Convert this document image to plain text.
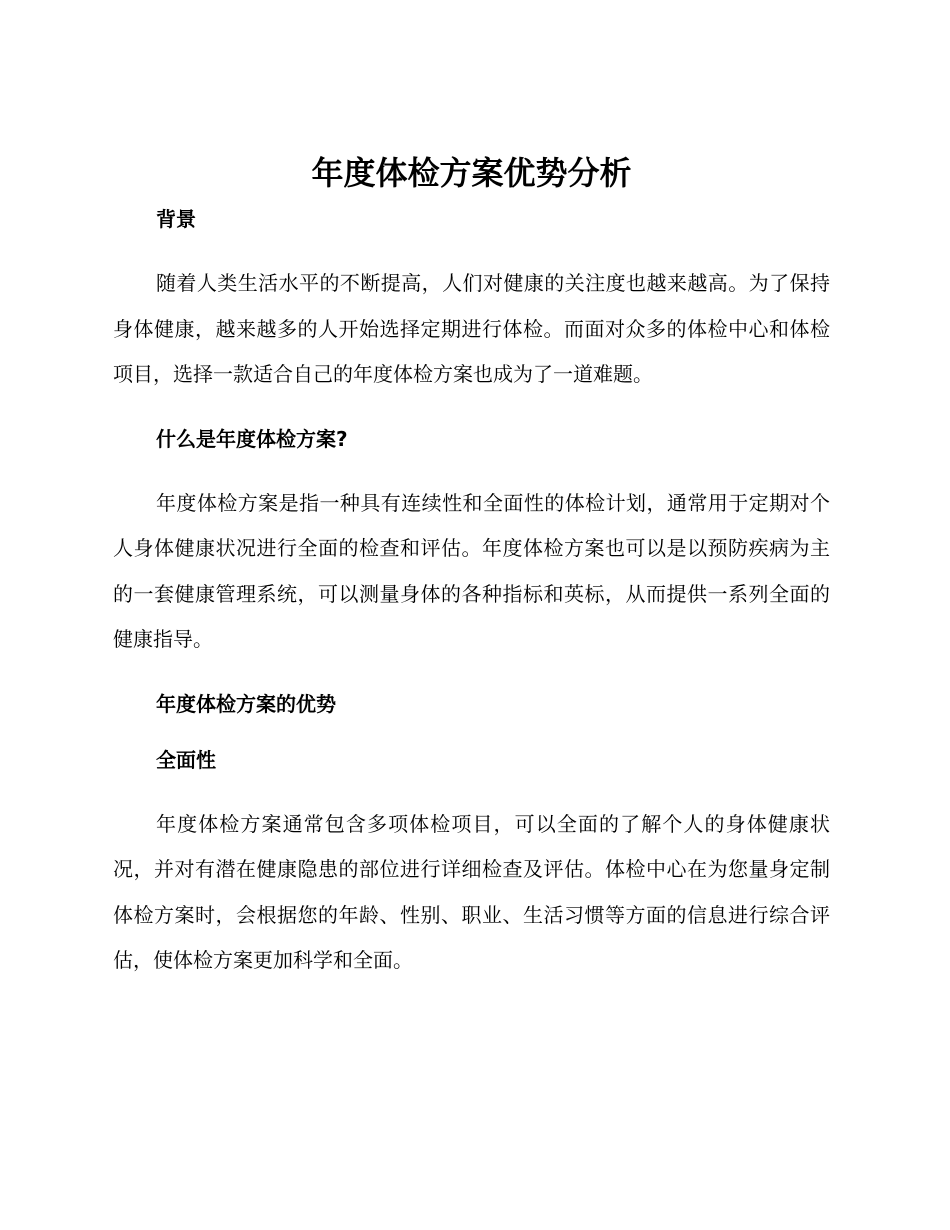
年度体检方案优势分析
背景

随着人类生活水平的不断提高，人们对健康的关注度也越来越高。为了保持身体健康，越来越多的人开始选择定期进行体检。而面对众多的体检中心和体检项目，选择一款适合自己的年度体检方案也成为了一道难题。

什么是年度体检方案?

年度体检方案是指一种具有连续性和全面性的体检计划，通常用于定期对个人身体健康状况进行全面的检查和评估。年度体检方案也可以是以预防疾病为主的一套健康管理系统，可以测量身体的各种指标和英标，从而提供一系列全面的健康指导。

年度体检方案的优势
全面性

年度体检方案通常包含多项体检项目，可以全面的了解个人的身体健康状况，并对有潜在健康隐患的部位进行详细检查及评估。体检中心在为您量身定制体检方案时，会根据您的年龄、性别、职业、生活习惯等方面的信息进行综合评估，使体检方案更加科学和全面。
